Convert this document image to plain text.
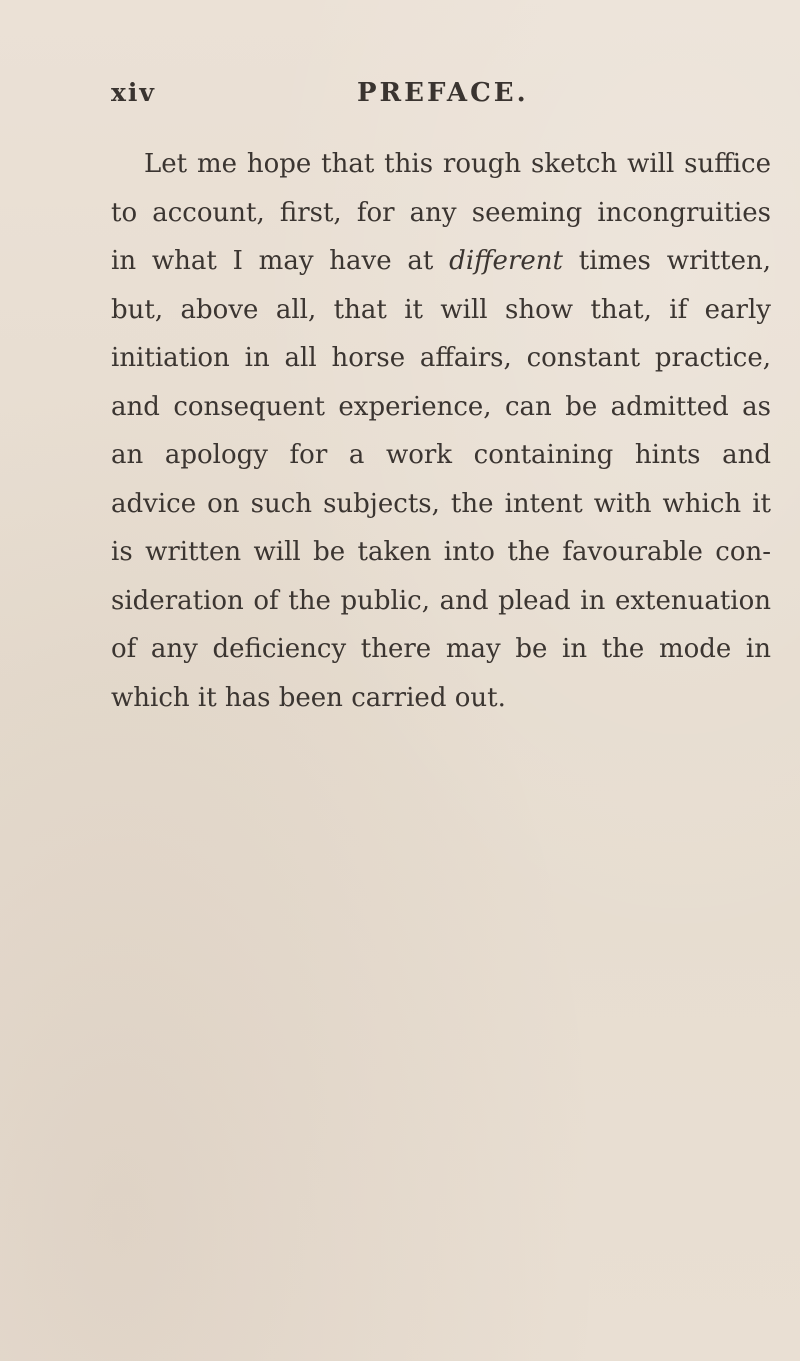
xiv	PREFACE.
Let me hope that this rough sketch will suffice
to account, first, for any seeming incongruities
in what I may have at different times written,
but, above all, that it will show that, if early
initiation in all horse affairs, constant practice,
and consequent experience, can be admitted as
an apology for a work containing hints and
advice on such subjects, the intent with which it
is written will be taken into the favourable con-
sideration of the public, and plead in extenuation
of any deficiency there may be in the mode in
which it has been carried out.
